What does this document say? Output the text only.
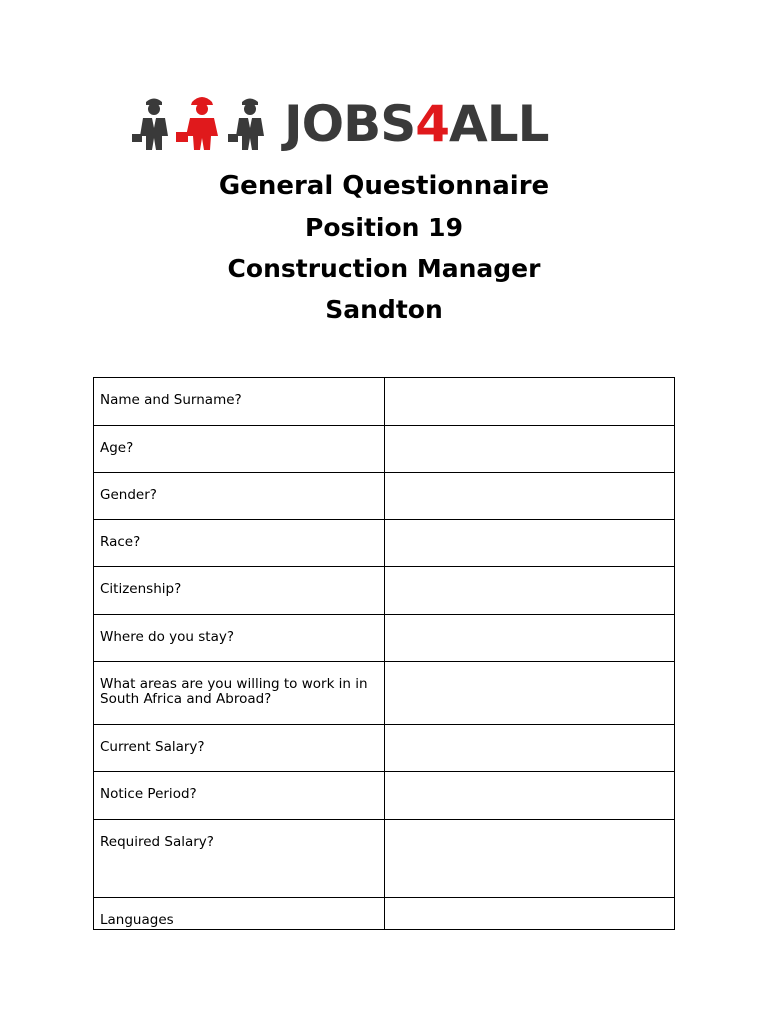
JOBS 4 ALL
General Questionnaire
Position 19
Construction Manager
Sandton
Name and Surname?	
Age?	
Gender?	
Race?	
Citizenship?	
Where do you stay?	
What areas are you willing to work in in South Africa and Abroad?	
Current Salary?	
Notice Period?	
Required Salary?	
Languages	
